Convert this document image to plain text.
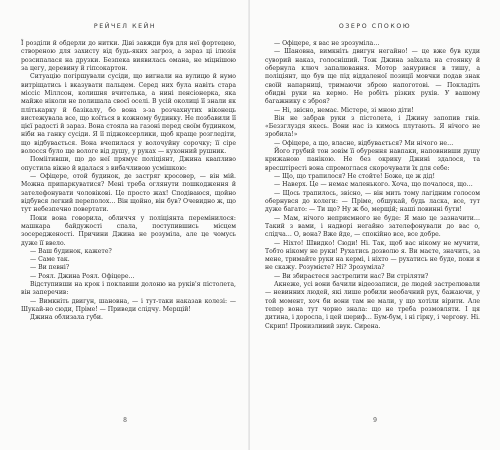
РЕЙЧЕЛ КЕЙН

Ї розділи й обдерли до нитки. Діві завжди був для неї фортецею, створеною для захисту від будь-яких загроз, а зараз ці ілюзія розсипалася на друзки. Безпека виявилась омана, не міцнішою за цегу, деревину й гіпсокартон.

Ситуацію погіршували сусіди, що вигнали на вулицю й нумо витріщатись і вказувати пальцем. Серед них була навіть стара міссіс Міллсон, колишня вчителька, а нині пенсіонерка, яка майже ніколи не полишала своєї оселі. В усій околиці її знали як плітькарку й базікалу, бо вона з-за розчахнутих віконець вистежувала все, що коїться в кожному будинку. Не позбавили її цієї радості й зараз. Вона стояла на газоні перед своїм будинком, ніби на ганку сусіди. Я її піджоксерлики, щоб краще розгледіти, що відбувається. Вона вчепилася у волочуйну сорочку; її сіре волосся було ще вологе від душу, у руках — кухонний рушник.

Поміітивши, що до неї прямує поліціянт, Джина квапливо опустила вікно й вдалася з вибачливою усмішкою:

— Офіцере, отой будинок, де застряг кросовер, — він мій. Можна припаркуватися? Мені треба оглянути пошкодження й зателефонувати чоловікові. Це просто жах! Сподіваюся, щойно відбувся легкий переполох… Він щойно, він був? Очевидно ж, що тут небезпечно повертати.

Поки вона говорила, обличчя у поліціянта перемінилося: машкара байдужості спала, поступившись місцем зосередженості. Причини Джина не розуміла, але це чомусь дуже її ввело.

— Ваш будинок, кажете?

— Саме так.

— Ви певні?

— Роял. Джина Роял. Офіцере…

Відступивши на крок і поклавши долоню на руків'я пістолета, він заперечив:

— Вимкніть двигун, шановна, — і тут-таки наказав колезі: — Шукай-но сюди, Пріме! — Приведи слідчу. Мерщій!

Джина облизала губи.

8
ОЗЕРО СПОКОЮ

— Офіцере, я вас не зрозуміла…

— Шановна, вимкніть двигун негайно! — це вже був куди суворий наказ, голосніший. Тож Джина заїхала на стоянку й обернула ключ запалювання. Мотор занурився в тишу, а поліціянт, що був ще під віддаленої позиції мовчки подав знак своїй напарниці, тримаючи зброю напоготові. — Покладіть обидві руки на кермо. Не робіть різких рухів. У вашому багажнику є зброя?

— Ні, звісно, немає. Містере, зі мною діти!

Він не забрав руки з пістолета, і Джину запопив гнів. «Беззглуздя якесь. Вони нас із кимось плутають. Я нічого не зробила!»

— Офіцере, а що, власне, відбувається? Ми нічого не…

Його грубий тон зовім її обурення навпаки, наповнивши душу крижаною панікою. Не без окрику Джині здалося, та вресштіресті вона спромоглася скорочувати їх для себе:

— Що, що трапилося? Не стойте! Боже, це ж дід!

— Наверх. Це — немає маленького. Хоча, що почалося, що…

— Щось трапилось, звісно, — він мить тому лагідним голосом обернувся до колеги: — Пріме, обшукай, будь ласка, все, тут дуже багато: — Ти що? Ну ж бо, мерщій; наші повинні бути!

— Мам, нічого неприємного не буде: Я маю це зазначити… Такий з вами, і надворі негайно зателефонували до вас о, слідча… О, вона? Вже йде, — спокійно все, все добре.

— Ніхто! Швидко! Сюди! Ні. Так, щоб вас нікому не мучити, Тобто нікому не руки! Рухатись дозволю я. Ви маєте, значить, за мене, тримайте руки на кермі, і ніхто — рухатись не буде, поки я не скажу. Розумієте? Ні? Зрозуміла?

— Ви збираєтеся застрелити нас? Ви стріляти?

Акнеже, усі вони бачили відеозаписи, де людей застрелювали — невинних людей, які лише робили необачний рух, бажаючи, у той момент, хоч би вони там не мали, у що хотіли вірити. Але тепер вона тут чорно знала: що не треба розмовляти. І ця дитина, і доросла, і цей шериф… Бум-бум, і ні гірку, і чергову. Ні. Скрип! Пронизливий звук. Сирена.

9
